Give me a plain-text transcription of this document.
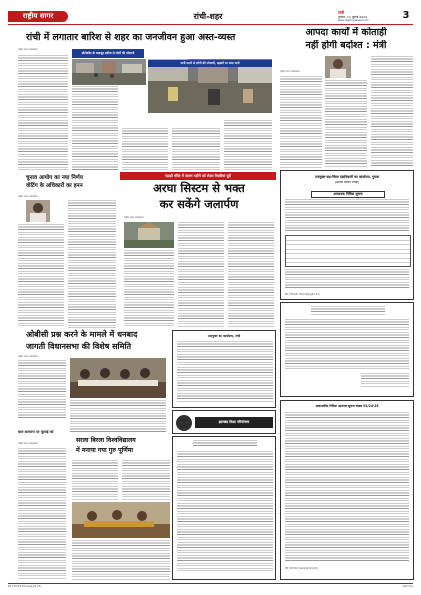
राष्ट्रीय सागर	रांची-शहर	रांची
गुरुवार, 11 जुलाई 2024
www.rashtriyasagar.com	3
रांची में लगातार बारिश से शहर का जनजीवन हुआ अस्त-व्यस्त	आपदा कार्यों में कोताही
नहीं होगी बर्दाश्त : मंत्री
राष्ट्रीय सागर संवाददाता
प्रोटोकॉल के बावजूद बारिश से लोगों की परेशानी
पानी पटाने से लोगों की परेशानी, सड़कों पर जमा पानी
राष्ट्रीय सागर संवाददाता
चुनाव आयोग का नया निर्णय
वोटिंग के अधिकारों का हनन
राष्ट्रीय सागर संवाददाता
पहाड़ी मंदिर में सावन महीने को लेकर तैयारियां पूरी
अरघा सिस्टम से भक्त
कर सकेंगे जलार्पण
राष्ट्रीय सागर संवाददाता
उपायुक्त-सह-जिला दंडाधिकारी का कार्यालय, गुमला
(आपदा प्रबंधन शाखा)
आवश्यक निविदा सूचना
PR 331500 Hazaribag(24-25)
ओबीसी प्रश्न करने के मामले में धनबाद
जागती विधानसभा की विशेष समिति
राष्ट्रीय सागर संवाददाता
उपायुक्त का कार्यालय, रांची
झारखंड शिक्षा परियोजना
बाल कल्याण पर जुलाई को
राष्ट्रीय सागर संवाददाता	सरला बिरला विश्वविद्यालय
में मनाया गया गुरु पूर्णिमा
आवश्यकीय निविदा आमंत्रण सूचना संख्या 02/24-25
PR 331516 Deoghar(24-25)
PR 333503 Simdega(24-25)	राष्ट्रीय सागर
